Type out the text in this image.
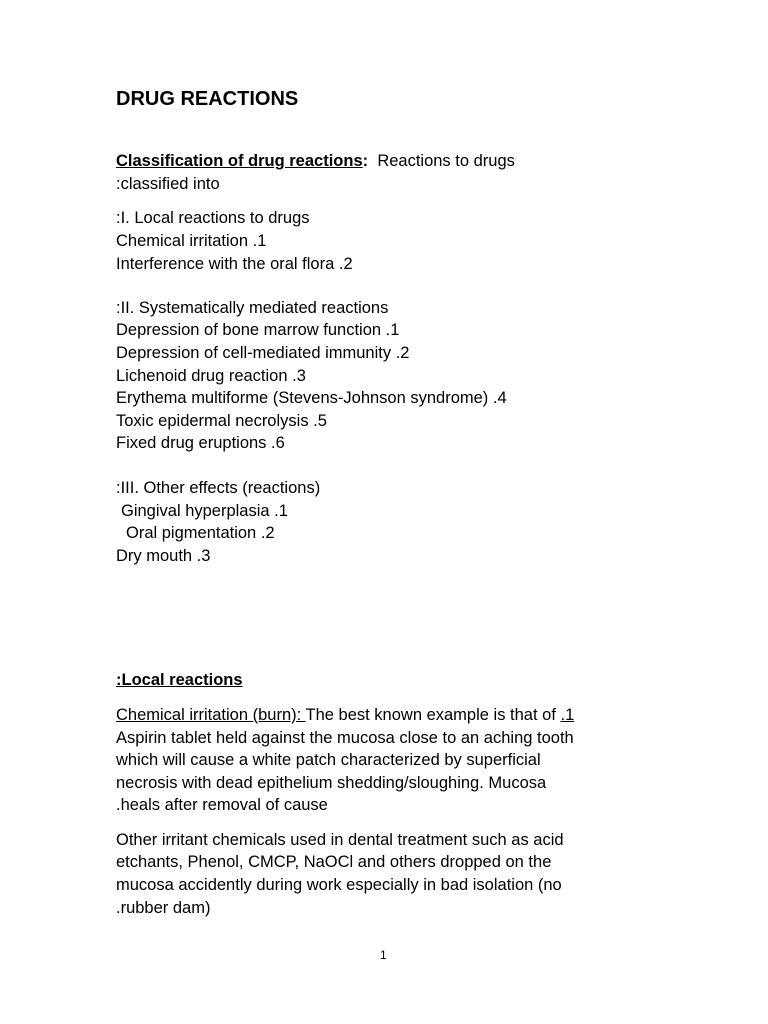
DRUG REACTIONS
Classification of drug reactions: Reactions to drugs
:classified into
:I. Local reactions to drugs
Chemical irritation .1
Interference with the oral flora .2
:II. Systematically mediated reactions
Depression of bone marrow function .1
Depression of cell-mediated immunity .2
Lichenoid drug reaction .3
Erythema multiforme (Stevens-Johnson syndrome) .4
Toxic epidermal necrolysis .5
Fixed drug eruptions .6
:III. Other effects (reactions)
Gingival hyperplasia .1
Oral pigmentation .2
Dry mouth .3
:Local reactions
Chemical irritation (burn): The best known example is that of .1
Aspirin tablet held against the mucosa close to an aching tooth
which will cause a white patch characterized by superficial
necrosis with dead epithelium shedding/sloughing. Mucosa
.heals after removal of cause
Other irritant chemicals used in dental treatment such as acid
etchants, Phenol, CMCP, NaOCl and others dropped on the
mucosa accidently during work especially in bad isolation (no
.rubber dam)
1
